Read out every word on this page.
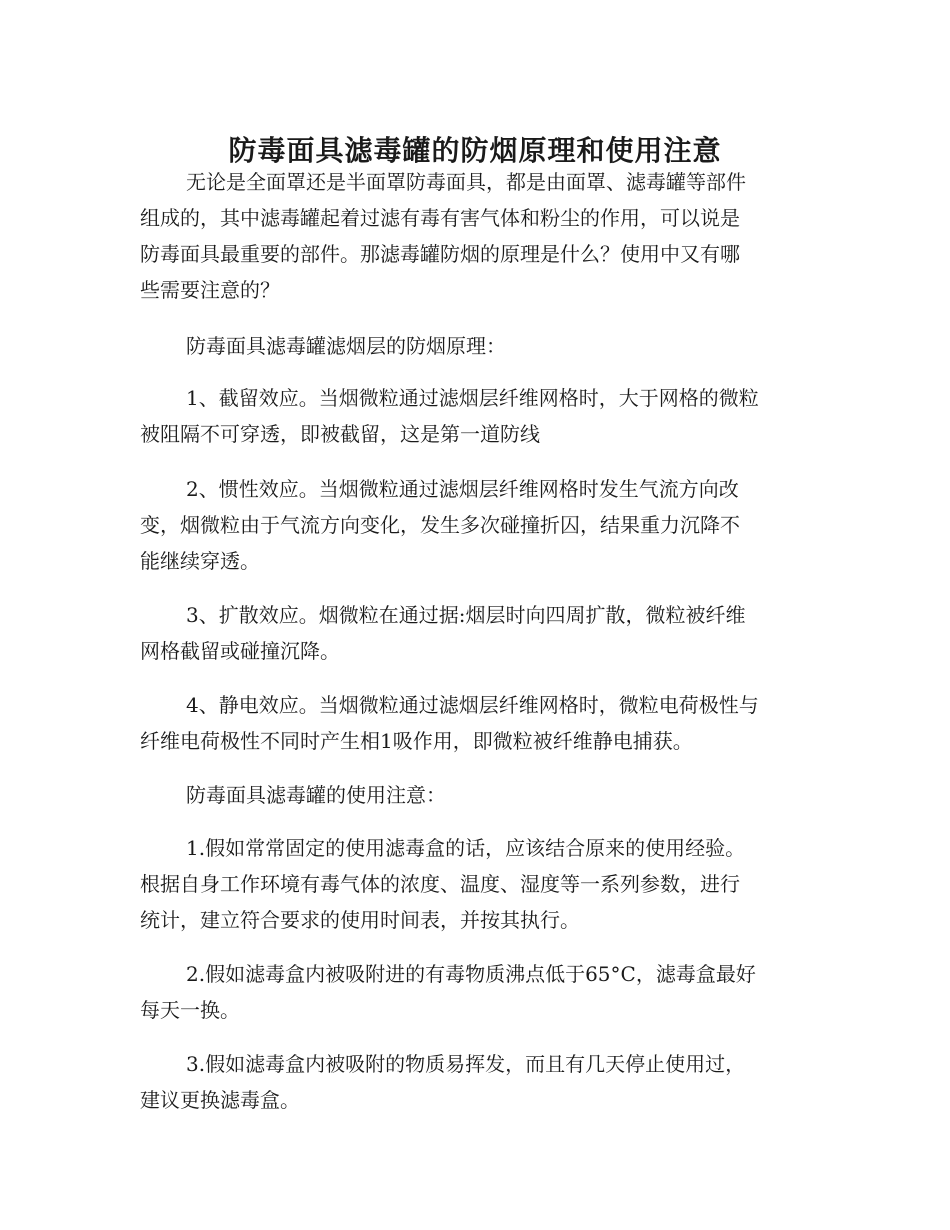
防毒面具滤毒罐的防烟原理和使用注意
无论是全面罩还是半面罩防毒面具，都是由面罩、滤毒罐等部件
组成的，其中滤毒罐起着过滤有毒有害气体和粉尘的作用，可以说是
防毒面具最重要的部件。那滤毒罐防烟的原理是什么？使用中又有哪
些需要注意的？
防毒面具滤毒罐滤烟层的防烟原理：
1、截留效应。当烟微粒通过滤烟层纤维网格时，大于网格的微粒
被阻隔不可穿透，即被截留，这是第一道防线
2、惯性效应。当烟微粒通过滤烟层纤维网格时发生气流方向改
变，烟微粒由于气流方向变化，发生多次碰撞折囚，结果重力沉降不
能继续穿透。
3、扩散效应。烟微粒在通过据:烟层时向四周扩散，微粒被纤维
网格截留或碰撞沉降。
4、静电效应。当烟微粒通过滤烟层纤维网格时，微粒电荷极性与
纤维电荷极性不同时产生相1吸作用，即微粒被纤维静电捕获。
防毒面具滤毒罐的使用注意：
1.假如常常固定的使用滤毒盒的话，应该结合原来的使用经验。
根据自身工作环境有毒气体的浓度、温度、湿度等一系列参数，进行
统计，建立符合要求的使用时间表，并按其执行。
2.假如滤毒盒内被吸附进的有毒物质沸点低于65°C，滤毒盒最好
每天一换。
3.假如滤毒盒内被吸附的物质易挥发，而且有几天停止使用过，
建议更换滤毒盒。
